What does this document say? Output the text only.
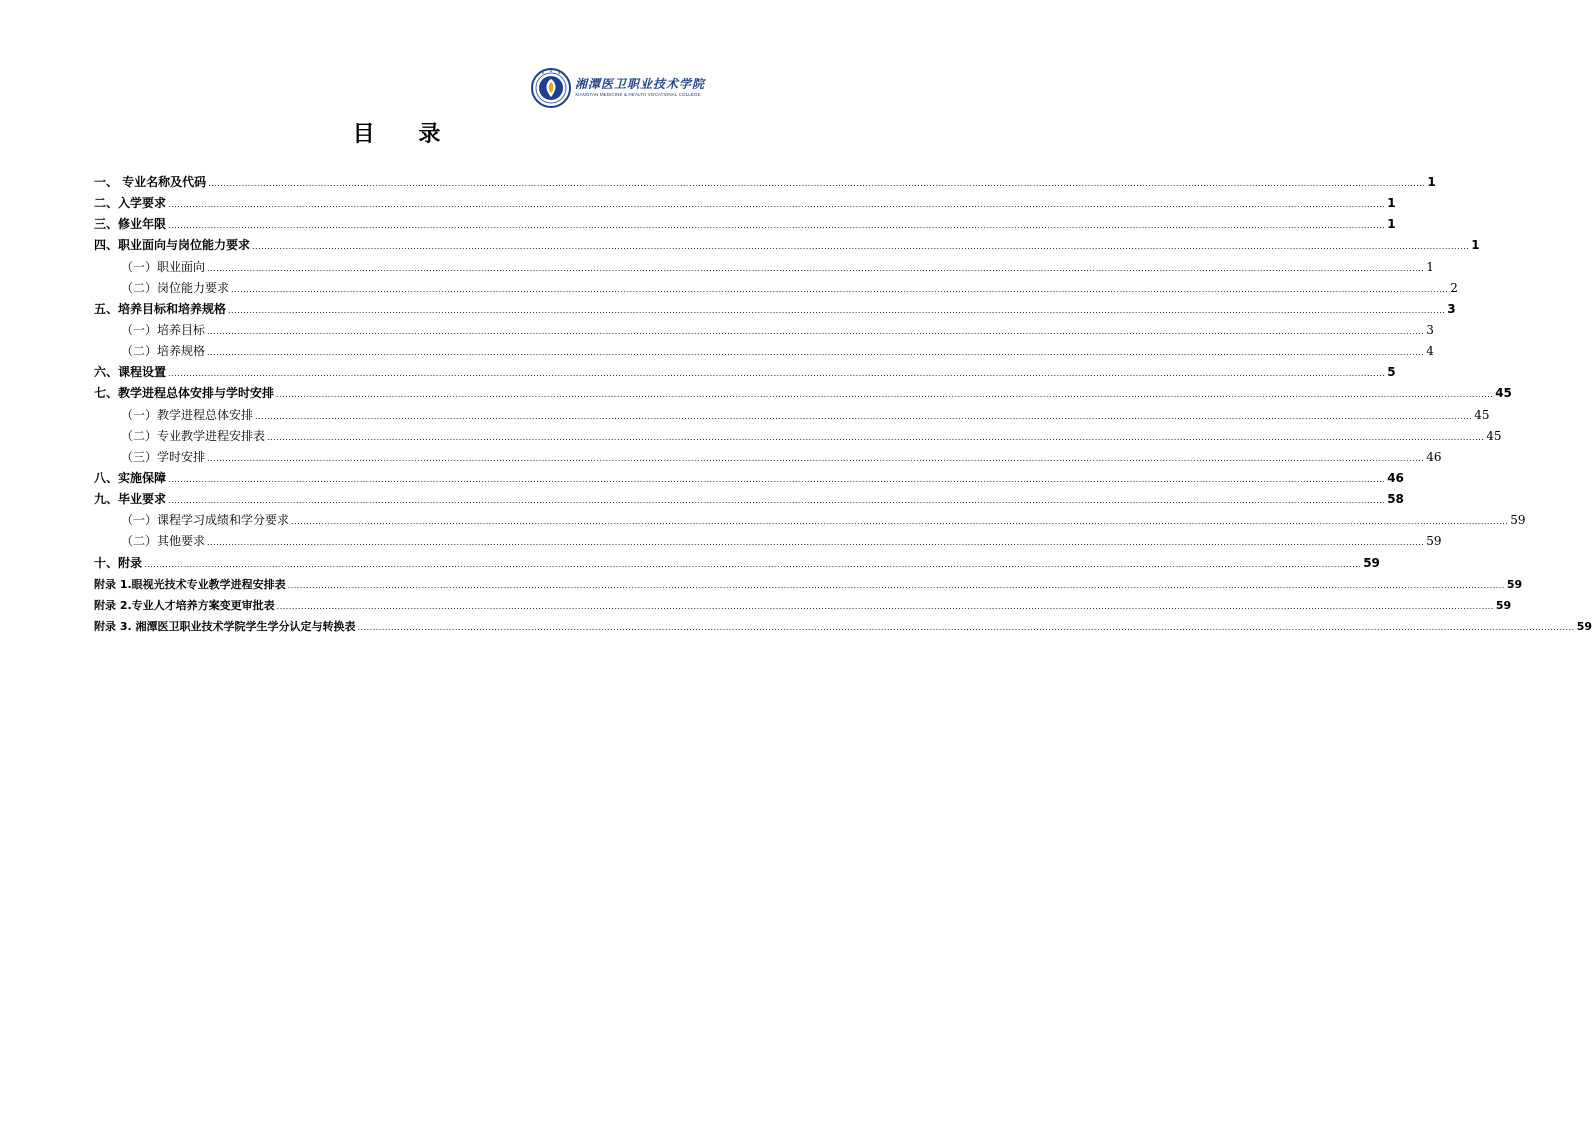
湘潭医卫职业技术学院
XIANGTAN MEDICINE & HEALTH VOCATIONAL COLLEGE
目 录
一、 专业名称及代码 ................................................................................................................................................................................................................................................................................................................................................................................................................ 1
二、入学要求 ................................................................................................................................................................................................................................................................................................................................................................................................................ 1
三、修业年限 ................................................................................................................................................................................................................................................................................................................................................................................................................ 1
四、职业面向与岗位能力要求 ................................................................................................................................................................................................................................................................................................................................................................................................................ 1
（一）职业面向 ................................................................................................................................................................................................................................................................................................................................................................................................................ 1
（二）岗位能力要求 ................................................................................................................................................................................................................................................................................................................................................................................................................ 2
五、培养目标和培养规格 ................................................................................................................................................................................................................................................................................................................................................................................................................ 3
（一）培养目标 ................................................................................................................................................................................................................................................................................................................................................................................................................ 3
（二）培养规格 ................................................................................................................................................................................................................................................................................................................................................................................................................ 4
六、课程设置 ................................................................................................................................................................................................................................................................................................................................................................................................................ 5
七、教学进程总体安排与学时安排 ................................................................................................................................................................................................................................................................................................................................................................................................................ 45
（一）教学进程总体安排 ................................................................................................................................................................................................................................................................................................................................................................................................................ 45
（二）专业教学进程安排表 ................................................................................................................................................................................................................................................................................................................................................................................................................ 45
（三）学时安排 ................................................................................................................................................................................................................................................................................................................................................................................................................ 46
八、实施保障 ................................................................................................................................................................................................................................................................................................................................................................................................................ 46
九、毕业要求 ................................................................................................................................................................................................................................................................................................................................................................................................................ 58
（一）课程学习成绩和学分要求 ................................................................................................................................................................................................................................................................................................................................................................................................................ 59
（二）其他要求 ................................................................................................................................................................................................................................................................................................................................................................................................................ 59
十、附录 ................................................................................................................................................................................................................................................................................................................................................................................................................ 59
附录 1.眼视光技术专业教学进程安排表 ................................................................................................................................................................................................................................................................................................................................................................................................................ 59
附录 2.专业人才培养方案变更审批表 ................................................................................................................................................................................................................................................................................................................................................................................................................ 59
附录 3. 湘潭医卫职业技术学院学生学分认定与转换表 ................................................................................................................................................................................................................................................................................................................................................................................................................ 59
